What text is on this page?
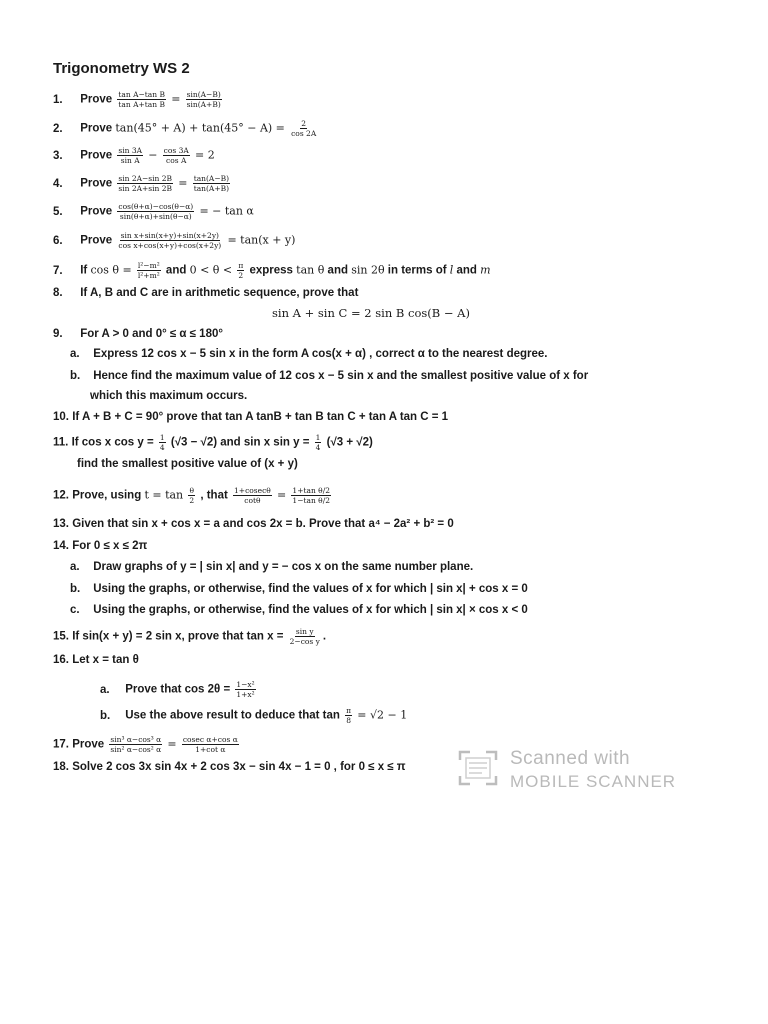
Trigonometry WS 2
1. Prove $\frac{\text{tan A−tan B}}{\text{tan A+tan B}} = \frac{\sin(A-B)}{\sin(A+B)}$
2. Prove $\tan(45^\circ + A) + \tan(45^\circ - A) = \frac{2}{\cos 2A}$
3. Prove $\frac{\sin 3A}{\text{sin A}} - \frac{\cos 3A}{\text{cos A}} = 2$
4. Prove $\frac{\sin 2A-\sin 2B}{\sin 2A+\sin 2B} = \frac{\tan(A-B)}{\tan(A+B)}$
5. Prove $\frac{\cos(\theta+\alpha)-\cos(\theta-\alpha)}{\sin(\theta+\alpha)+\sin(\theta-\alpha)}$ = − tan α
6. Prove $\frac{\text{sin x+sin(x+y)+sin(x+2y)}}{\text{cos x+cos(x+y)+cos(x+2y)}} = \tan(x + y)$
7. If $\cos \theta = \frac{\text{l²−m²}}{\text{l²+m²}}$ and $0 < \theta < \frac{\pi}{2}$ express tan θ and sin 2θ in terms of l and m
8. If A, B and C are in arithmetic sequence, prove that
sin A + sin C = 2 sin B cos(B − A)
9. For A > 0 and 0° ≤ α ≤ 180°
a. Express 12 cos x − 5 sin x in the form A cos(x + α) , correct α to the nearest degree.
b. Hence find the maximum value of 12 cos x − 5 sin x and the smallest positive value of x for
which this maximum occurs.
10. If A + B + C = 90° prove that tan A tanB + tan B tan C + tan A tan C = 1
11. If cos x $\cos y = \frac{1}{4} (√3 - √2)$ and sin x $\sin y = \frac{1}{4} (√3 + √2)$
find the smallest positive value of (x + y)
12. Prove, using $t = \tan \frac{\theta}{2}$ , that $\frac{1+cosec\theta}{\cot\theta} = \frac{\text{1+tan θ/2}}{\text{1−tan θ/2}}$
13. Given that sin x + cos x = a and cos 2x = b. Prove that a⁴ − 2a² + b² = 0
14. For 0 ≤ x ≤ 2π
a. Draw graphs of y = | sin x| and y = − cos x on the same number plane.
b. Using the graphs, or otherwise, find the values of x for which | sin x| + cos x = 0
c. Using the graphs, or otherwise, find the values of x for which | sin x| × cos x < 0
15. If sin(x + y) = 2 sin x, prove that $\tan x = \frac{\text{sin y}}{\text{2−cos y}}$ .
16. Let x = tan θ
a. Prove that $\cos 2\theta = \frac{\text{1−x²}}{\text{1+x²}}$
b. Use the above result to deduce that $\tan \frac{\pi}{8} = √2 - 1$
17. Prove $\frac{\text{sin³ α−cos³ α}}{\text{sin² α−cos² α}} = \frac{\text{cosec α+cos α}}{\text{1+cot α}}$
18. Solve 2 cos 3x sin 4x + 2 cos 3x − sin 4x − 1 = 0 , for 0 ≤ x ≤ π	Scanned with
MOBILE SCANNER
